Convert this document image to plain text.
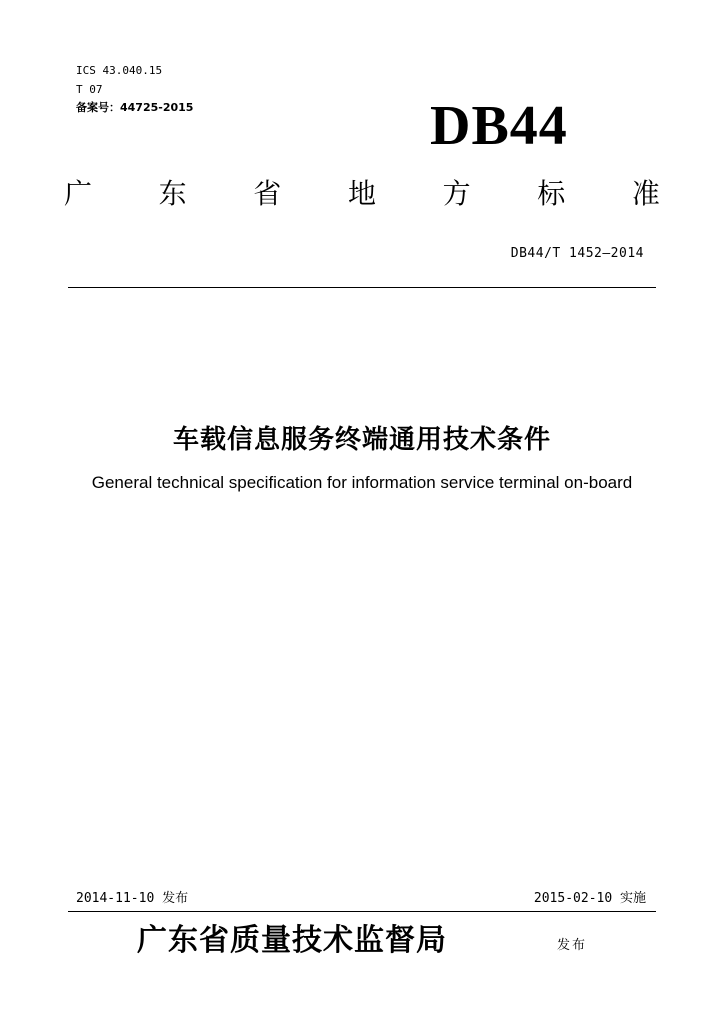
ICS 43.040.15
T 07
备案号：44725-2015	DB44
广 东 省 地 方 标 准
DB44/T 1452—2014
车载信息服务终端通用技术条件
General technical specification for information service terminal on-board
2014-11-10 发布	2015-02-10 实施
广东省质量技术监督局	发布
